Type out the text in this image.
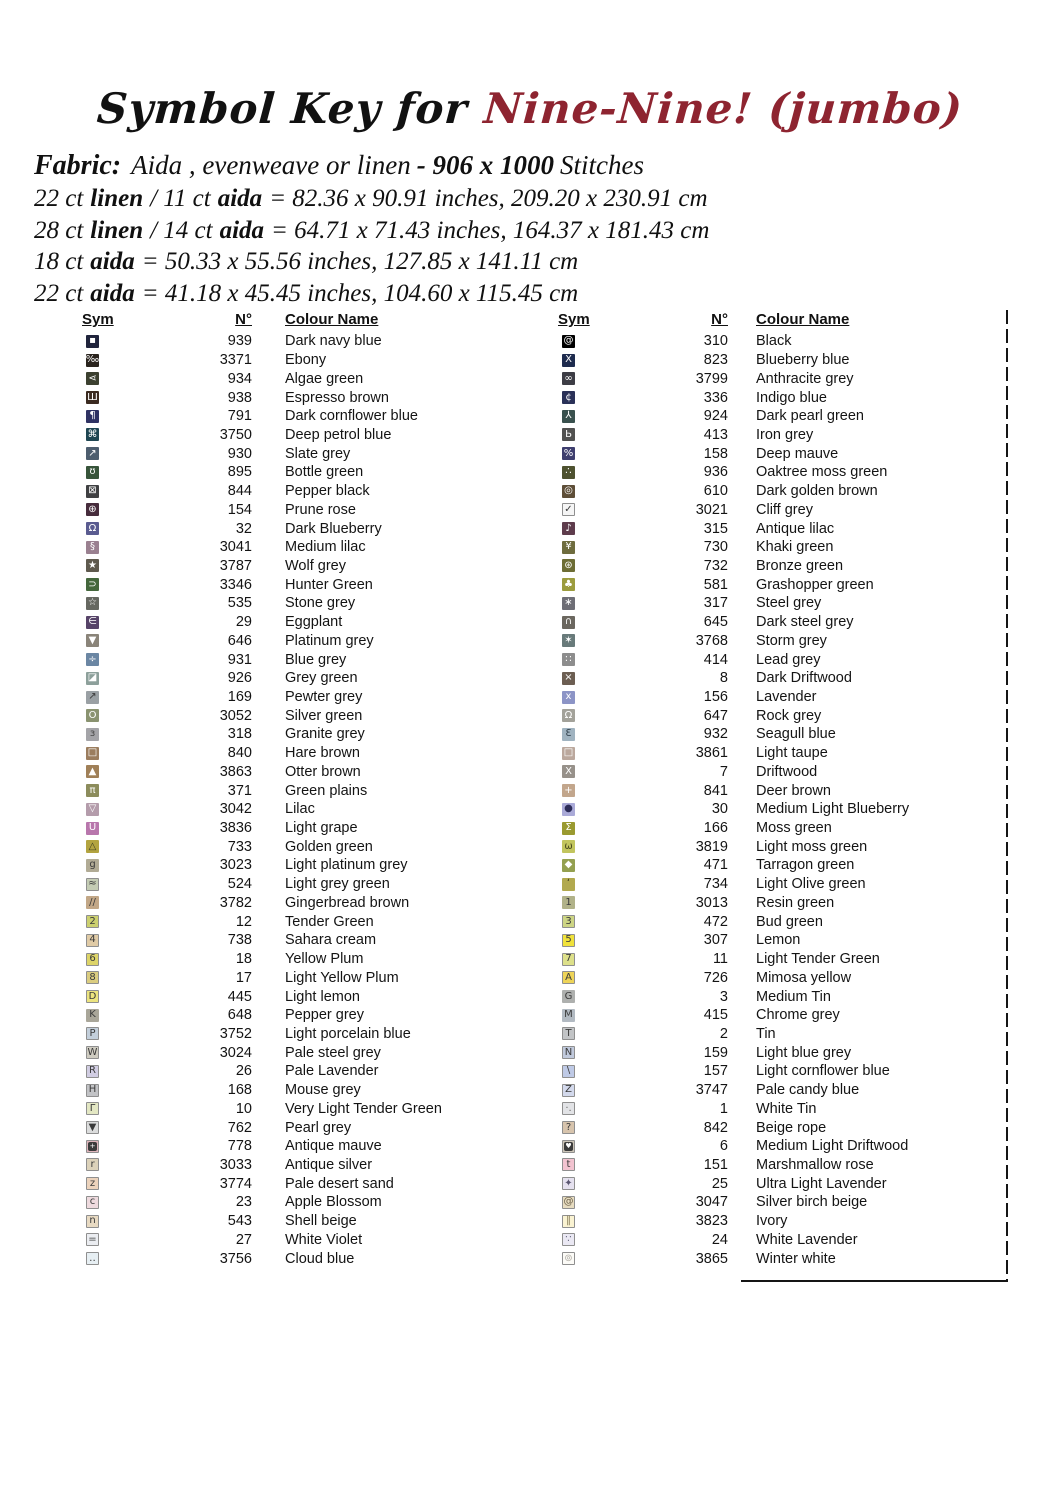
Symbol Key for Nine-Nine! (jumbo)
Fabric: Aida , evenweave or linen - 906 x 1000 Stitches
22 ct linen / 11 ct aida = 82.36 x 90.91 inches, 209.20 x 230.91 cm
28 ct linen / 14 ct aida = 64.71 x 71.43 inches, 164.37 x 181.43 cm
18 ct aida = 50.33 x 55.56 inches, 127.85 x 141.11 cm
22 ct aida = 41.18 x 45.45 inches, 104.60 x 115.45 cm
Sym	N°	Colour Name
▪	939	Dark navy blue
‰	3371	Ebony
⋖	934	Algae green
Ш	938	Espresso brown
¶	791	Dark cornflower blue
⌘	3750	Deep petrol blue
↗	930	Slate grey
ʊ	895	Bottle green
⊠	844	Pepper black
⊕	154	Prune rose
Ω	32	Dark Blueberry
§	3041	Medium lilac
★	3787	Wolf grey
⊃	3346	Hunter Green
☆	535	Stone grey
∈	29	Eggplant
▼	646	Platinum grey
÷	931	Blue grey
◪	926	Grey green
↗	169	Pewter grey
O	3052	Silver green
ɜ	318	Granite grey
□	840	Hare brown
▲	3863	Otter brown
π	371	Green plains
▽	3042	Lilac
U	3836	Light grape
△	733	Golden green
g	3023	Light platinum grey
≈	524	Light grey green
//	3782	Gingerbread brown
2	12	Tender Green
4	738	Sahara cream
6	18	Yellow Plum
8	17	Light Yellow Plum
D	445	Light lemon
K	648	Pepper grey
P	3752	Light porcelain blue
W	3024	Pale steel grey
R	26	Pale Lavender
H	168	Mouse grey
Γ	10	Very Light Tender Green
▼	762	Pearl grey
+	778	Antique mauve
r	3033	Antique silver
z	3774	Pale desert sand
c	23	Apple Blossom
n	543	Shell beige
=	27	White Violet
‥	3756	Cloud blue
Sym	N°	Colour Name
@	310	Black
X	823	Blueberry blue
∞	3799	Anthracite grey
¢	336	Indigo blue
⅄	924	Dark pearl green
Ь	413	Iron grey
%	158	Deep mauve
∴	936	Oaktree moss green
◎	610	Dark golden brown
✓	3021	Cliff grey
♪	315	Antique lilac
¥	730	Khaki green
⊛	732	Bronze green
♣	581	Grashopper green
∗	317	Steel grey
∩	645	Dark steel grey
✶	3768	Storm grey
∷	414	Lead grey
×	8	Dark Driftwood
x	156	Lavender
Ω	647	Rock grey
Ɛ	932	Seagull blue
□	3861	Light taupe
X	7	Driftwood
+	841	Deer brown
●	30	Medium Light Blueberry
Σ	166	Moss green
ω	3819	Light moss green
◆	471	Tarragon green
ʻ	734	Light Olive green
1	3013	Resin green
3	472	Bud green
5	307	Lemon
7	11	Light Tender Green
A	726	Mimosa yellow
G	3	Medium Tin
M	415	Chrome grey
T	2	Tin
N	159	Light blue grey
\	157	Light cornflower blue
Z	3747	Pale candy blue
·.	1	White Tin
?	842	Beige rope
♥	6	Medium Light Driftwood
t	151	Marshmallow rose
✦	25	Ultra Light Lavender
@	3047	Silver birch beige
‖	3823	Ivory
∵	24	White Lavender
⊚	3865	Winter white
